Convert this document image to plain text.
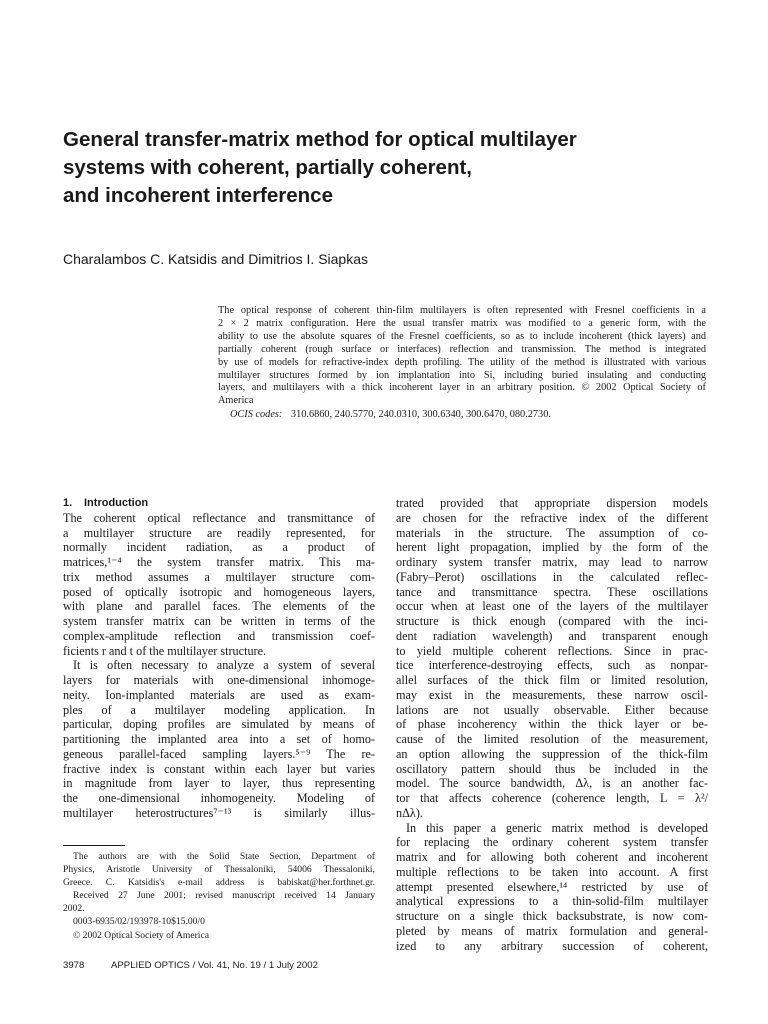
General transfer-matrix method for optical multilayer
systems with coherent, partially coherent,
and incoherent interference
Charalambos C. Katsidis and Dimitrios I. Siapkas
The optical response of coherent thin-film multilayers is often represented with Fresnel coefficients in a
2 × 2 matrix configuration. Here the usual transfer matrix was modified to a generic form, with the
ability to use the absolute squares of the Fresnel coefficients, so as to include incoherent (thick layers) and
partially coherent (rough surface or interfaces) reflection and transmission. The method is integrated
by use of models for refractive-index depth profiling. The utility of the method is illustrated with various
multilayer structures formed by ion implantation into Si, including buried insulating and conducting
layers, and multilayers with a thick incoherent layer in an arbitrary position. © 2002 Optical Society of
America
OCIS codes: 310.6860, 240.5770, 240.0310, 300.6340, 300.6470, 080.2730.
1. Introduction
The coherent optical reflectance and transmittance of
a multilayer structure are readily represented, for
normally incident radiation, as a product of
matrices,¹⁻⁴ the system transfer matrix. This ma-
trix method assumes a multilayer structure com-
posed of optically isotropic and homogeneous layers,
with plane and parallel faces. The elements of the
system transfer matrix can be written in terms of the
complex-amplitude reflection and transmission coef-
ficients r and t of the multilayer structure.
It is often necessary to analyze a system of several
layers for materials with one-dimensional inhomoge-
neity. Ion-implanted materials are used as exam-
ples of a multilayer modeling application. In
particular, doping profiles are simulated by means of
partitioning the implanted area into a set of homo-
geneous parallel-faced sampling layers.⁵⁻⁹ The re-
fractive index is constant within each layer but varies
in magnitude from layer to layer, thus representing
the one-dimensional inhomogeneity. Modeling of
multilayer heterostructures⁷⁻¹³ is similarly illus-
trated provided that appropriate dispersion models
are chosen for the refractive index of the different
materials in the structure. The assumption of co-
herent light propagation, implied by the form of the
ordinary system transfer matrix, may lead to narrow
(Fabry–Perot) oscillations in the calculated reflec-
tance and transmittance spectra. These oscillations
occur when at least one of the layers of the multilayer
structure is thick enough (compared with the inci-
dent radiation wavelength) and transparent enough
to yield multiple coherent reflections. Since in prac-
tice interference-destroying effects, such as nonpar-
allel surfaces of the thick film or limited resolution,
may exist in the measurements, these narrow oscil-
lations are not usually observable. Either because
of phase incoherency within the thick layer or be-
cause of the limited resolution of the measurement,
an option allowing the suppression of the thick-film
oscillatory pattern should thus be included in the
model. The source bandwidth, Δλ, is an another fac-
tor that affects coherence (coherence length, L = λ²/
nΔλ).
In this paper a generic matrix method is developed
for replacing the ordinary coherent system transfer
matrix and for allowing both coherent and incoherent
multiple reflections to be taken into account. A first
attempt presented elsewhere,¹⁴ restricted by use of
analytical expressions to a thin-solid-film multilayer
structure on a single thick backsubstrate, is now com-
pleted by means of matrix formulation and general-
ized to any arbitrary succession of coherent,
The authors are with the Solid State Section, Department of
Physics, Aristotle University of Thessaloniki, 54006 Thessaloniki,
Greece. C. Katsidis's e-mail address is babiskat@her.forthnet.gr.
Received 27 June 2001; revised manuscript received 14 January
2002.
0003-6935/02/193978-10$15.00/0
© 2002 Optical Society of America
3978	APPLIED OPTICS / Vol. 41, No. 19 / 1 July 2002
